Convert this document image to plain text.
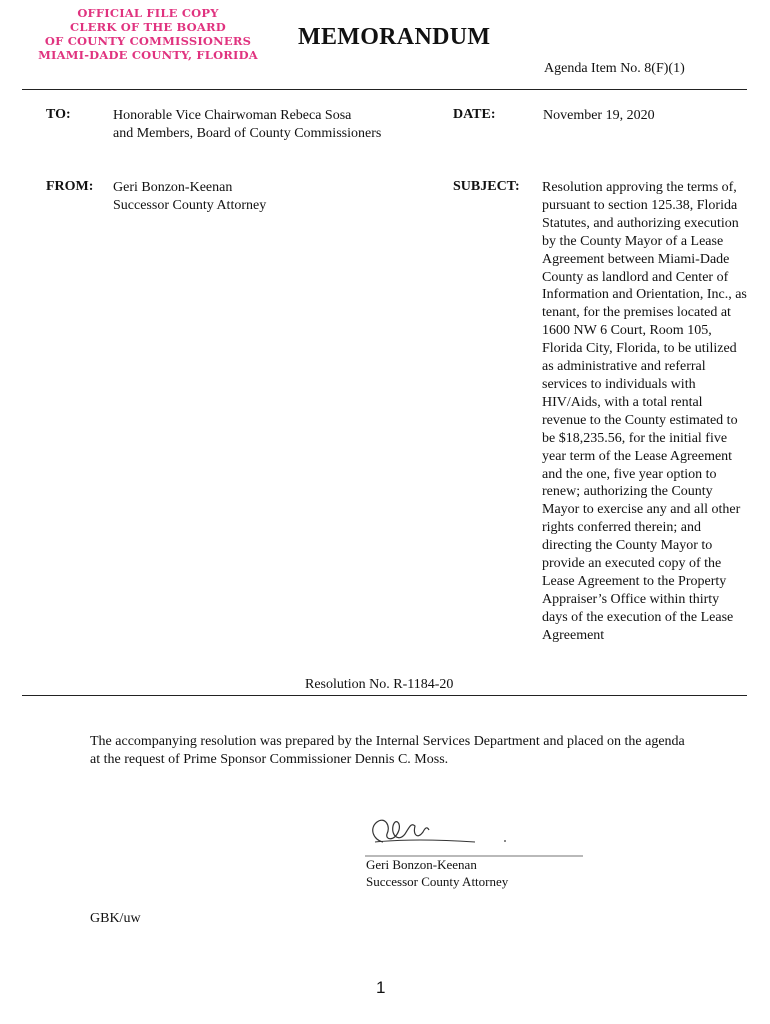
OFFICIAL FILE COPY
CLERK OF THE BOARD
OF COUNTY COMMISSIONERS
MIAMI-DADE COUNTY, FLORIDA
MEMORANDUM
Agenda Item No. 8(F)(1)
TO:	Honorable Vice Chairwoman Rebeca Sosa
and Members, Board of County Commissioners
DATE:	November 19, 2020
FROM: Geri Bonzon-Keenan
Successor County Attorney
SUBJECT: Resolution approving the terms of, pursuant to section 125.38, Florida Statutes, and authorizing execution by the County Mayor of a Lease Agreement between Miami-Dade County as landlord and Center of Information and Orientation, Inc., as tenant, for the premises located at 1600 NW 6 Court, Room 105, Florida City, Florida, to be utilized as administrative and referral services to individuals with HIV/Aids, with a total rental revenue to the County estimated to be $18,235.56, for the initial five year term of the Lease Agreement and the one, five year option to renew; authorizing the County Mayor to exercise any and all other rights conferred therein; and directing the County Mayor to provide an executed copy of the Lease Agreement to the Property Appraiser’s Office within thirty days of the execution of the Lease Agreement
Resolution No. R-1184-20
The accompanying resolution was prepared by the Internal Services Department and placed on the agenda at the request of Prime Sponsor Commissioner Dennis C. Moss.
Geri Bonzon-Keenan
Successor County Attorney
GBK/uw
1
